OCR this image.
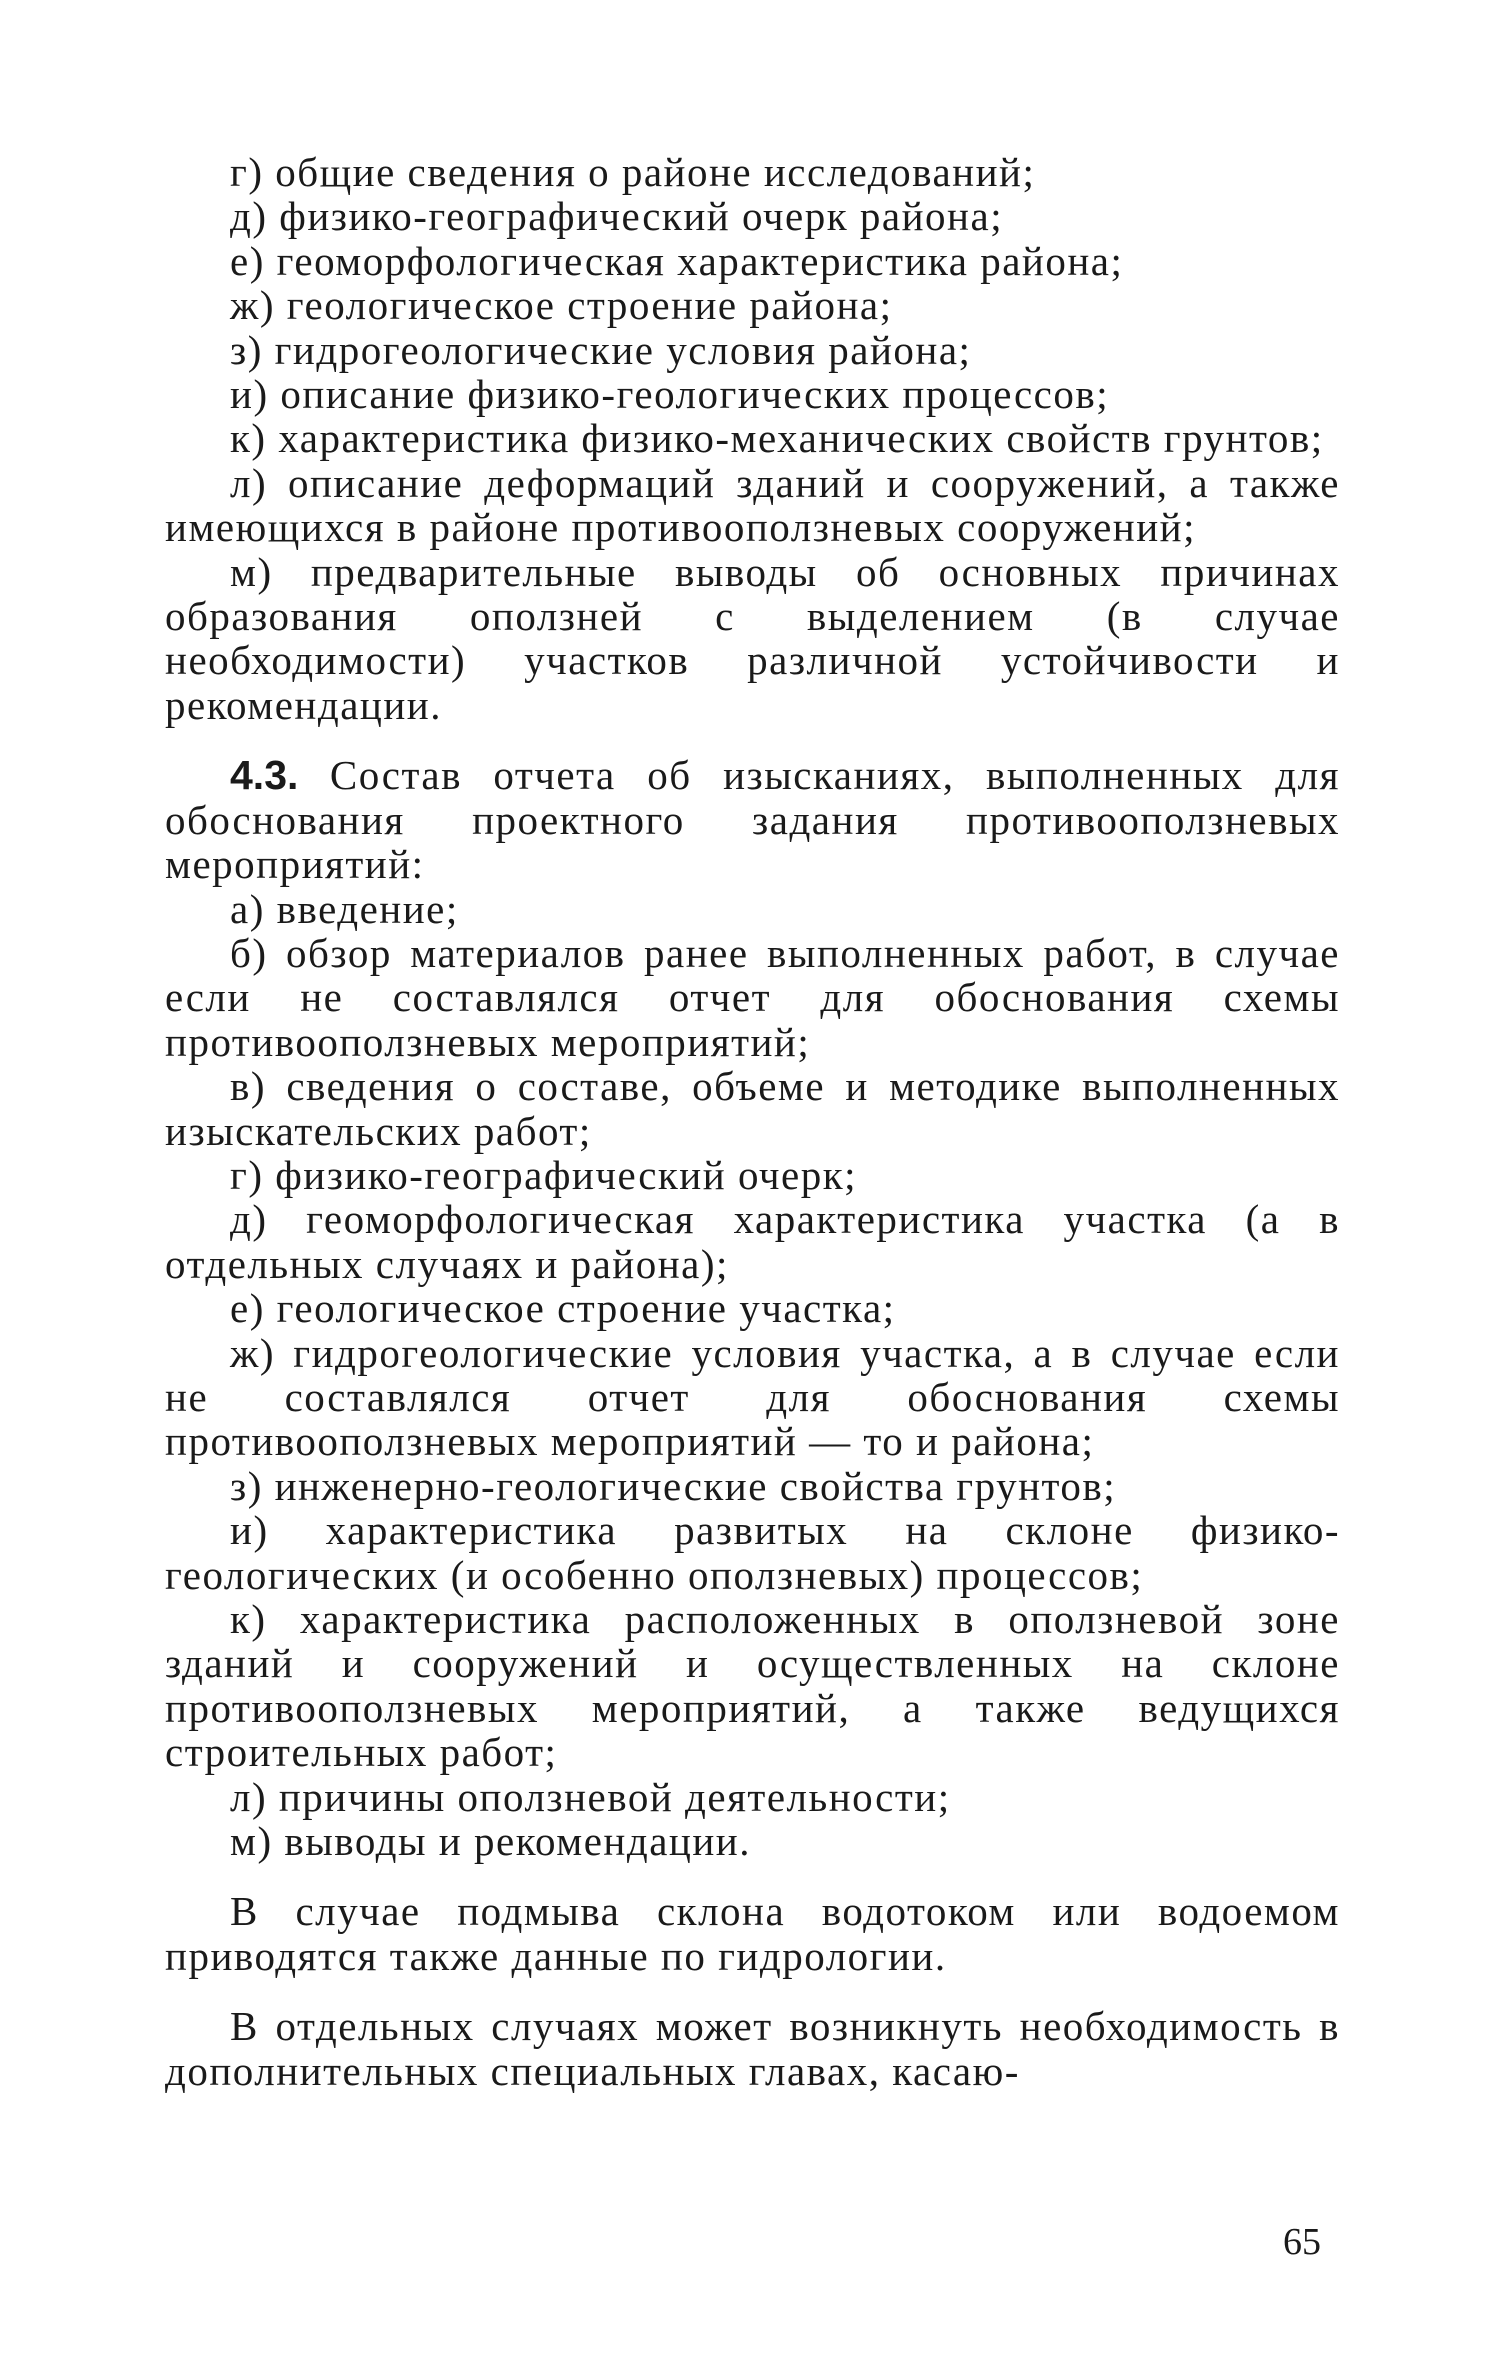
г) общие сведения о районе исследований;

д) физико-географический очерк района;

е) геоморфологическая характеристика района;

ж) геологическое строение района;

з) гидрогеологические условия района;

и) описание физико-геологических процессов;

к) характеристика физико-механических свойств грунтов;

л) описание деформаций зданий и сооружений, а также имеющихся в районе противооползневых сооружений;

м) предварительные выводы об основных причинах образования оползней с выделением (в случае необходимости) участков различной устойчивости и рекомендации.

4.3. Состав отчета об изысканиях, выполненных для обоснования проектного задания противооползневых мероприятий:

а) введение;

б) обзор материалов ранее выполненных работ, в случае если не составлялся отчет для обоснования схемы противооползневых мероприятий;

в) сведения о составе, объеме и методике выполненных изыскательских работ;

г) физико-географический очерк;

д) геоморфологическая характеристика участка (а в отдельных случаях и района);

е) геологическое строение участка;

ж) гидрогеологические условия участка, а в случае если не составлялся отчет для обоснования схемы противооползневых мероприятий — то и района;

з) инженерно-геологические свойства грунтов;

и) характеристика развитых на склоне физико-геологических (и особенно оползневых) процессов;

к) характеристика расположенных в оползневой зоне зданий и сооружений и осуществленных на склоне противооползневых мероприятий, а также ведущихся строительных работ;

л) причины оползневой деятельности;

м) выводы и рекомендации.

В случае подмыва склона водотоком или водоемом приводятся также данные по гидрологии.

В отдельных случаях может возникнуть необходимость в дополнительных специальных главах, касаю-

65
